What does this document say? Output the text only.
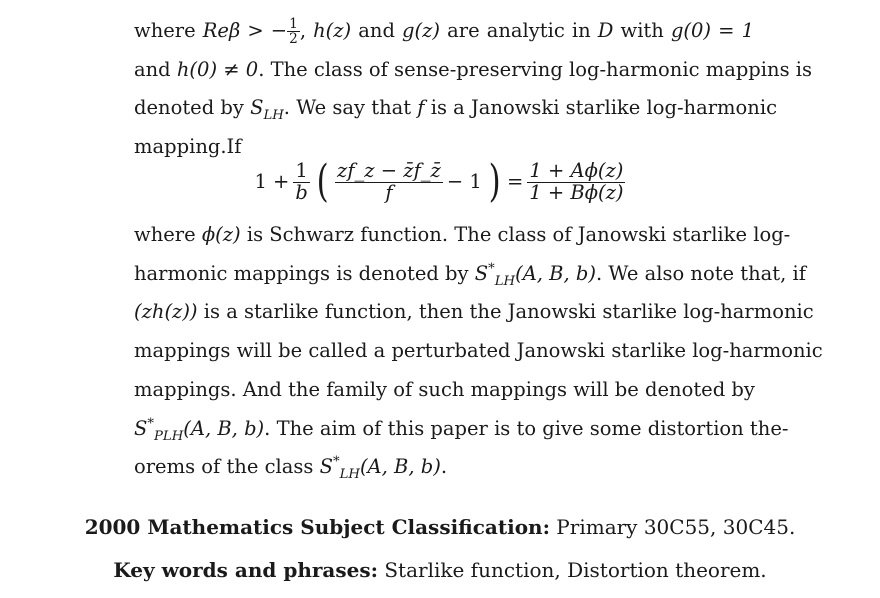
where Reβ > − $\frac{1}{2}$ , h(z) and g(z) are analytic in D with g(0) = 1
and h(0) ≠ 0. The class of sense-preserving log-harmonic mappins is
denoted by $S_{LH}$. We say that f is a Janowski starlike log-harmonic
mapping.If
$1 + \frac{1}{b}$ ( $\frac{zf\_z - z̄f\_z̄}{f} - 1$ ) = $\frac{1 + A\phi(z)}{1 + B\phi(z)}$
where ϕ(z) is Schwarz function. The class of Janowski starlike log-
harmonic mappings is denoted by $S^*_{LH}(A$, B, b). We also note that, if
(zh(z)) is a starlike function, then the Janowski starlike log-harmonic
mappings will be called a perturbated Janowski starlike log-harmonic
mappings. And the family of such mappings will be denoted by
$S^*_{PLH}(A$, B, b). The aim of this paper is to give some distortion the-
orems of the class $S^*_{LH}(A$, B, b).
2000 Mathematics Subject Classification: Primary 30C55, 30C45.
Key words and phrases: Starlike function, Distortion theorem.
